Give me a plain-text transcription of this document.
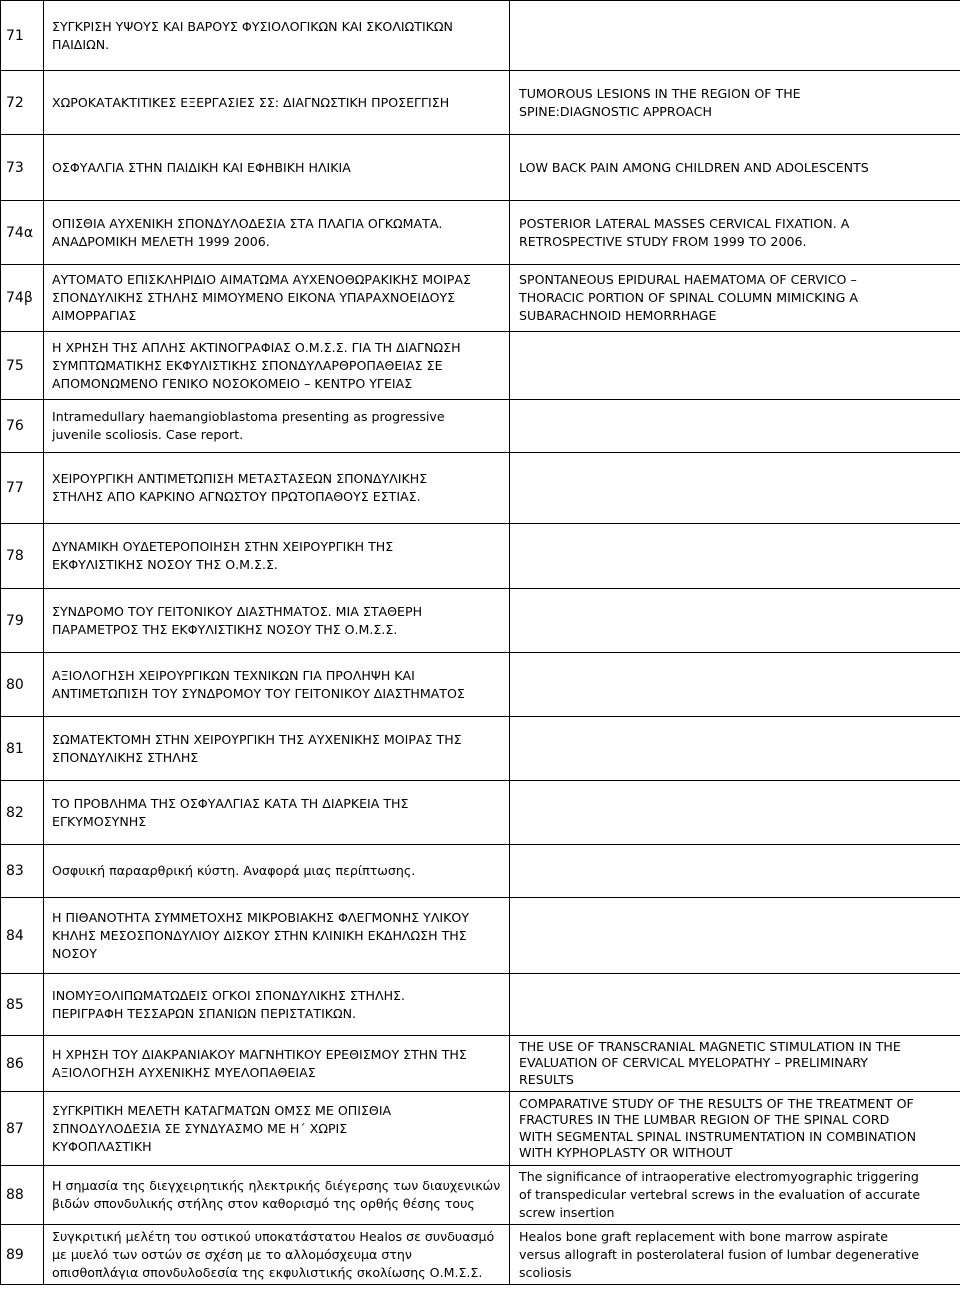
71	ΣΥΓΚΡΙΣΗ ΥΨΟΥΣ ΚΑΙ ΒΑΡΟΥΣ ΦΥΣΙΟΛΟΓΙΚΩΝ ΚΑΙ ΣΚΟΛΙΩΤΙΚΩΝ
ΠΑΙΔΙΩΝ.	
72	ΧΩΡΟΚΑΤΑΚΤΙΤΙΚΕΣ ΕΞΕΡΓΑΣΙΕΣ ΣΣ: ΔΙΑΓΝΩΣΤΙΚΗ ΠΡΟΣΕΓΓΙΣΗ	TUMOROUS LESIONS IN THE REGION OF THE
SPINE:DIAGNOSTIC APPROACH
73	ΟΣΦΥΑΛΓΙΑ ΣΤΗΝ ΠΑΙΔΙΚΗ ΚΑΙ ΕΦΗΒΙΚΗ ΗΛΙΚΙΑ	LOW BACK PAIN AMONG CHILDREN AND ADOLESCENTS
74α	ΟΠΙΣΘΙΑ ΑΥΧΕΝΙΚΗ ΣΠΟΝΔΥΛΟΔΕΣΙΑ ΣΤΑ ΠΛΑΓΙΑ ΟΓΚΩΜΑΤΑ.
ΑΝΑΔΡΟΜΙΚΗ ΜΕΛΕΤΗ 1999 2006.	POSTERIOR LATERAL MASSES CERVICAL FIXATION. A
RETROSPECTIVE STUDY FROM 1999 TO 2006.
74β	ΑΥΤΟΜΑΤΟ ΕΠΙΣΚΛΗΡΙΔΙΟ ΑΙΜΑΤΩΜΑ ΑΥΧΕΝΟΘΩΡΑΚΙΚΗΣ ΜΟΙΡΑΣ
ΣΠΟΝΔΥΛΙΚΗΣ ΣΤΗΛΗΣ ΜΙΜΟΥΜΕΝΟ ΕΙΚΟΝΑ ΥΠΑΡΑΧΝΟΕΙΔΟΥΣ
ΑΙΜΟΡΡΑΓΙΑΣ	SPONTANEOUS EPIDURAL HAEMATOMA OF CERVICO –
THORACIC PORTION OF SPINAL COLUMN MIMICKING A
SUBARACHNOID HEMORRHAGE
75	Η ΧΡΗΣΗ ΤΗΣ ΑΠΛΗΣ ΑΚΤΙΝΟΓΡΑΦΙΑΣ Ο.Μ.Σ.Σ. ΓΙΑ ΤΗ ΔΙΑΓΝΩΣΗ
ΣΥΜΠΤΩΜΑΤΙΚΗΣ ΕΚΦΥΛΙΣΤΙΚΗΣ ΣΠΟΝΔΥΛΑΡΘΡΟΠΑΘΕΙΑΣ ΣΕ
ΑΠΟΜΟΝΩΜΕΝΟ ΓΕΝΙΚΟ ΝΟΣΟΚΟΜΕΙΟ – ΚΕΝΤΡΟ ΥΓΕΙΑΣ	
76	Intramedullary haemangioblastoma presenting as progressive
juvenile scoliosis. Case report.	
77	ΧΕΙΡΟΥΡΓΙΚΗ ΑΝΤΙΜΕΤΩΠΙΣΗ ΜΕΤΑΣΤΑΣΕΩΝ ΣΠΟΝΔΥΛΙΚΗΣ
ΣΤΗΛΗΣ ΑΠΟ ΚΑΡΚΙΝΟ ΑΓΝΩΣΤΟΥ ΠΡΩΤΟΠΑΘΟΥΣ ΕΣΤΙΑΣ.	
78	ΔΥΝΑΜΙΚΗ ΟΥΔΕΤΕΡΟΠΟΙΗΣΗ ΣΤΗΝ ΧΕΙΡΟΥΡΓΙΚΗ ΤΗΣ
ΕΚΦΥΛΙΣΤΙΚΗΣ ΝΟΣΟΥ ΤΗΣ Ο.Μ.Σ.Σ.	
79	ΣΥΝΔΡΟΜΟ ΤΟΥ ΓΕΙΤΟΝΙΚΟΥ ΔΙΑΣΤΗΜΑΤΟΣ. ΜΙΑ ΣΤΑΘΕΡΗ
ΠΑΡΑΜΕΤΡΟΣ ΤΗΣ ΕΚΦΥΛΙΣΤΙΚΗΣ ΝΟΣΟΥ ΤΗΣ Ο.Μ.Σ.Σ.	
80	ΑΞΙΟΛΟΓΗΣΗ ΧΕΙΡΟΥΡΓΙΚΩΝ ΤΕΧΝΙΚΩΝ ΓΙΑ ΠΡΟΛΗΨΗ ΚΑΙ
ΑΝΤΙΜΕΤΩΠΙΣΗ ΤΟΥ ΣΥΝΔΡΟΜΟΥ ΤΟΥ ΓΕΙΤΟΝΙΚΟΥ ΔΙΑΣΤΗΜΑΤΟΣ	
81	ΣΩΜΑΤΕΚΤΟΜΗ ΣΤΗΝ ΧΕΙΡΟΥΡΓΙΚΗ ΤΗΣ ΑΥΧΕΝΙΚΗΣ ΜΟΙΡΑΣ ΤΗΣ
ΣΠΟΝΔΥΛΙΚΗΣ ΣΤΗΛΗΣ	
82	ΤΟ ΠΡΟΒΛΗΜΑ ΤΗΣ ΟΣΦΥΑΛΓΙΑΣ ΚΑΤΑ ΤΗ ΔΙΑΡΚΕΙΑ ΤΗΣ
ΕΓΚΥΜΟΣΥΝΗΣ	
83	Οσφυική παρααρθρική κύστη. Αναφορά μιας περίπτωσης.	
84	Η ΠΙΘΑΝΟΤΗΤΑ ΣΥΜΜΕΤΟΧΗΣ ΜΙΚΡΟΒΙΑΚΗΣ ΦΛΕΓΜΟΝΗΣ ΥΛΙΚΟΥ
ΚΗΛΗΣ ΜΕΣΟΣΠΟΝΔΥΛΙΟΥ ΔΙΣΚΟΥ ΣΤΗΝ ΚΛΙΝΙΚΗ ΕΚΔΗΛΩΣΗ ΤΗΣ
ΝΟΣΟΥ	
85	ΙΝΟΜΥΞΟΛΙΠΩΜΑΤΩΔΕΙΣ ΟΓΚΟΙ ΣΠΟΝΔΥΛΙΚΗΣ ΣΤΗΛΗΣ.
ΠΕΡΙΓΡΑΦΗ ΤΕΣΣΑΡΩΝ ΣΠΑΝΙΩΝ ΠΕΡΙΣΤΑΤΙΚΩΝ.	
86	Η ΧΡΗΣΗ ΤΟΥ ΔΙΑΚΡΑΝΙΑΚΟΥ ΜΑΓΝΗΤΙΚΟΥ ΕΡΕΘΙΣΜΟΥ ΣΤΗΝ ΤΗΣ
ΑΞΙΟΛΟΓΗΣΗ ΑΥΧΕΝΙΚΗΣ ΜΥΕΛΟΠΑΘΕΙΑΣ	THE USE OF TRANSCRANIAL MAGNETIC STIMULATION IN THE
EVALUATION OF CERVICAL MYELOPATHY – PRELIMINARY
RESULTS
87	ΣΥΓΚΡΙΤΙΚΗ ΜΕΛΕΤΗ ΚΑΤΑΓΜΑΤΩΝ ΟΜΣΣ ΜΕ ΟΠΙΣΘΙΑ
ΣΠΝΟΔΥΛΟΔΕΣΙΑ ΣΕ ΣΥΝΔΥΑΣΜΟ ΜΕ Η΄ ΧΩΡΙΣ
ΚΥΦΟΠΛΑΣΤΙΚΗ	COMPARATIVE STUDY OF THE RESULTS OF THE TREATMENT OF
FRACTURES IN THE LUMBAR REGION OF THE SPINAL CORD
WITH SEGMENTAL SPINAL INSTRUMENTATION IN COMBINATION
WITH KYPHOPLASTY OR WITHOUT
88	Η σημασία της διεγχειρητικής ηλεκτρικής διέγερσης των διαυχενικών
βιδών σπονδυλικής στήλης στον καθορισμό της ορθής θέσης τους	The significance of intraoperative electromyographic triggering
of transpedicular vertebral screws in the evaluation of accurate
screw insertion
89	Συγκριτική μελέτη του οστικού υποκατάστατου Healos σε συνδυασμό
με μυελό των οστών σε σχέση με το αλλομόσχευμα στην
οπισθοπλάγια σπονδυλοδεσία της εκφυλιστικής σκολίωσης Ο.Μ.Σ.Σ.	Healos bone graft replacement with bone marrow aspirate
versus allograft in posterolateral fusion of lumbar degenerative
scoliosis
